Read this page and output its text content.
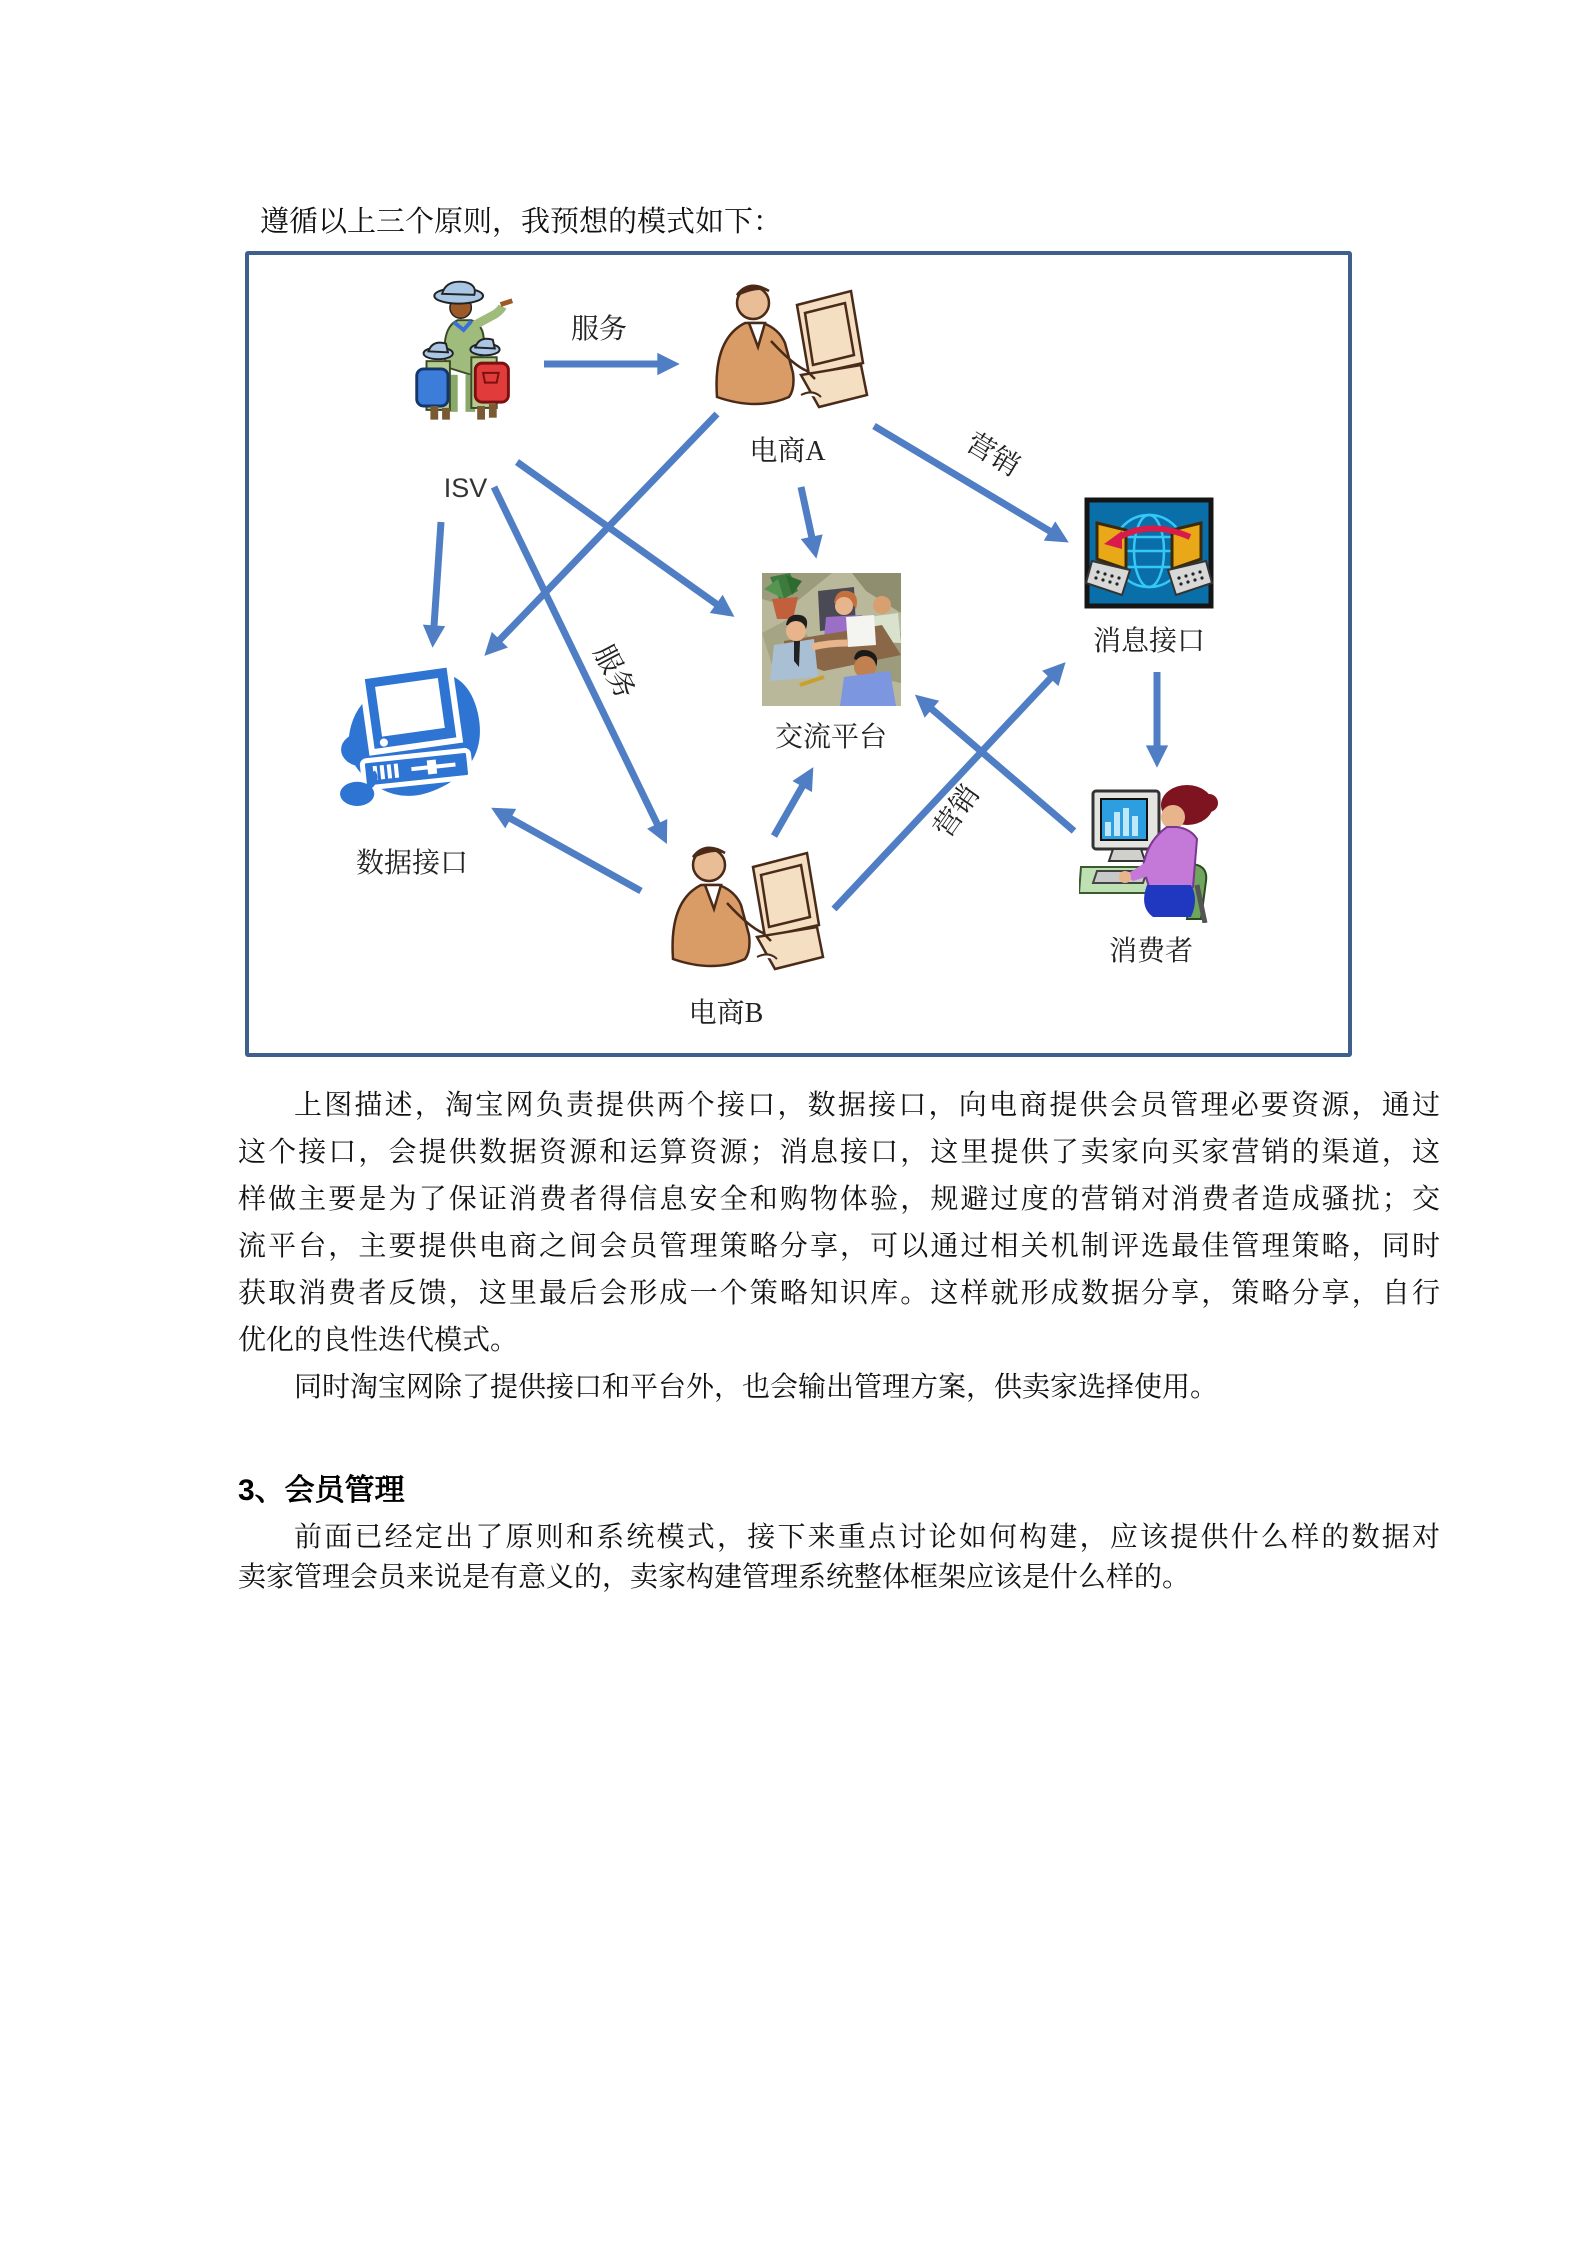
遵循以上三个原则，我预想的模式如下：
服务
营销
服务
营销
ISV
电商A
消息接口
数据接口
交流平台
电商B
消费者
上图描述，淘宝网负责提供两个接口，数据接口，向电商提供会员管理必要资源，通过
这个接口，会提供数据资源和运算资源；消息接口，这里提供了卖家向买家营销的渠道，这
样做主要是为了保证消费者得信息安全和购物体验，规避过度的营销对消费者造成骚扰；交
流平台，主要提供电商之间会员管理策略分享，可以通过相关机制评选最佳管理策略，同时
获取消费者反馈，这里最后会形成一个策略知识库。这样就形成数据分享，策略分享，自行
优化的良性迭代模式。
同时淘宝网除了提供接口和平台外，也会输出管理方案，供卖家选择使用。
3、会员管理
前面已经定出了原则和系统模式，接下来重点讨论如何构建，应该提供什么样的数据对
卖家管理会员来说是有意义的，卖家构建管理系统整体框架应该是什么样的。
